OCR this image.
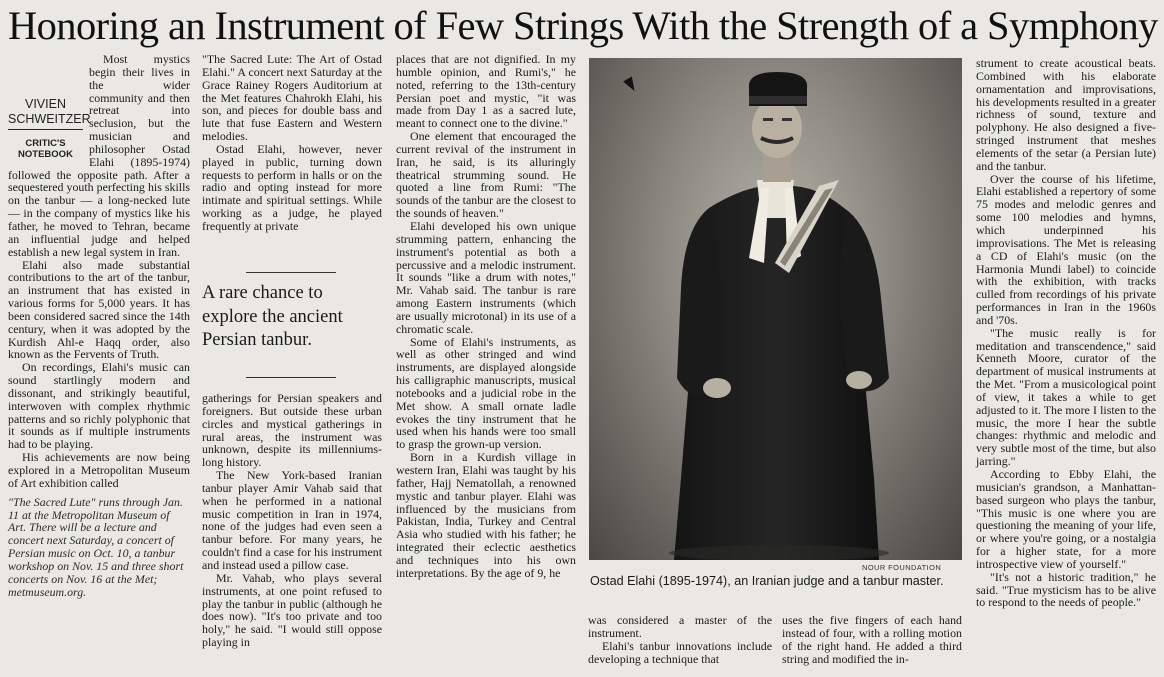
Honoring an Instrument of Few Strings With the Strength of a Symphony
VIVIEN
SCHWEITZER
CRITIC'S
NOTEBOOK

Most mystics begin their lives in the wider community and then retreat into seclusion, but the musician and philosopher Ostad Elahi (1895-1974) followed the opposite path. After a sequestered youth perfecting his skills on the tanbur — a long-necked lute — in the company of mystics like his father, he moved to Tehran, became an influential judge and helped establish a new legal system in Iran.

Elahi also made substantial contributions to the art of the tanbur, an instrument that has existed in various forms for 5,000 years. It has been considered sacred since the 14th century, when it was adopted by the Kurdish Ahl-e Haqq order, also known as the Fervents of Truth.

On recordings, Elahi's music can sound startlingly modern and dissonant, and strikingly beautiful, interwoven with complex rhythmic patterns and so richly polyphonic that it sounds as if multiple instruments had to be playing.

His achievements are now being explored in a Metropolitan Museum of Art exhibition called

"The Sacred Lute" runs through Jan. 11 at the Metropolitan Museum of Art. There will be a lecture and concert next Saturday, a concert of Persian music on Oct. 10, a tanbur workshop on Nov. 15 and three short concerts on Nov. 16 at the Met; metmuseum.org.

"The Sacred Lute: The Art of Ostad Elahi." A concert next Saturday at the Grace Rainey Rogers Auditorium at the Met features Chahrokh Elahi, his son, and pieces for double bass and lute that fuse Eastern and Western melodies.

Ostad Elahi, however, never played in public, turning down requests to perform in halls or on the radio and opting instead for more intimate and spiritual settings. While working as a judge, he played frequently at private

A rare chance to explore the ancient Persian tanbur.

gatherings for Persian speakers and foreigners. But outside these urban circles and mystical gatherings in rural areas, the instrument was unknown, despite its millenniums-long history.

The New York-based Iranian tanbur player Amir Vahab said that when he performed in a national music competition in Iran in 1974, none of the judges had even seen a tanbur before. For many years, he couldn't find a case for his instrument and instead used a pillow case.

Mr. Vahab, who plays several instruments, at one point refused to play the tanbur in public (although he does now). "It's too private and too holy," he said. "I would still oppose playing in

places that are not dignified. In my humble opinion, and Rumi's," he noted, referring to the 13th-century Persian poet and mystic, "it was made from Day 1 as a sacred lute, meant to connect one to the divine."

One element that encouraged the current revival of the instrument in Iran, he said, is its alluringly theatrical strumming sound. He quoted a line from Rumi: "The sounds of the tanbur are the closest to the sounds of heaven."

Elahi developed his own unique strumming pattern, enhancing the instrument's potential as both a percussive and a melodic instrument. It sounds "like a drum with notes," Mr. Vahab said. The tanbur is rare among Eastern instruments (which are usually microtonal) in its use of a chromatic scale.

Some of Elahi's instruments, as well as other stringed and wind instruments, are displayed alongside his calligraphic manuscripts, musical notebooks and a judicial robe in the Met show. A small ornate ladle evokes the tiny instrument that he used when his hands were too small to grasp the grown-up version.

Born in a Kurdish village in western Iran, Elahi was taught by his father, Hajj Nematollah, a renowned mystic and tanbur player. Elahi was influenced by the musicians from Pakistan, India, Turkey and Central Asia who studied with his father; he integrated their eclectic aesthetics and techniques into his own interpretations. By the age of 9, he	NOUR FOUNDATION
Ostad Elahi (1895-1974), an Iranian judge and a tanbur master.

was considered a master of the instrument.

Elahi's tanbur innovations include developing a technique that

uses the five fingers of each hand instead of four, with a rolling motion of the right hand. He added a third string and modified the in-

strument to create acoustical beats. Combined with his elaborate ornamentation and improvisations, his developments resulted in a greater richness of sound, texture and polyphony. He also designed a five-stringed instrument that meshes elements of the setar (a Persian lute) and the tanbur.

Over the course of his lifetime, Elahi established a repertory of some 75 modes and melodic genres and some 100 melodies and hymns, which underpinned his improvisations. The Met is releasing a CD of Elahi's music (on the Harmonia Mundi label) to coincide with the exhibition, with tracks culled from recordings of his private performances in Iran in the 1960s and '70s.

"The music really is for meditation and transcendence," said Kenneth Moore, curator of the department of musical instruments at the Met. "From a musicological point of view, it takes a while to get adjusted to it. The more I listen to the music, the more I hear the subtle changes: rhythmic and melodic and very subtle most of the time, but also jarring."

According to Ebby Elahi, the musician's grandson, a Manhattan-based surgeon who plays the tanbur, "This music is one where you are questioning the meaning of your life, or where you're going, or a nostalgia for a higher state, for a more introspective view of yourself."

"It's not a historic tradition," he said. "True mysticism has to be alive to respond to the needs of people."
